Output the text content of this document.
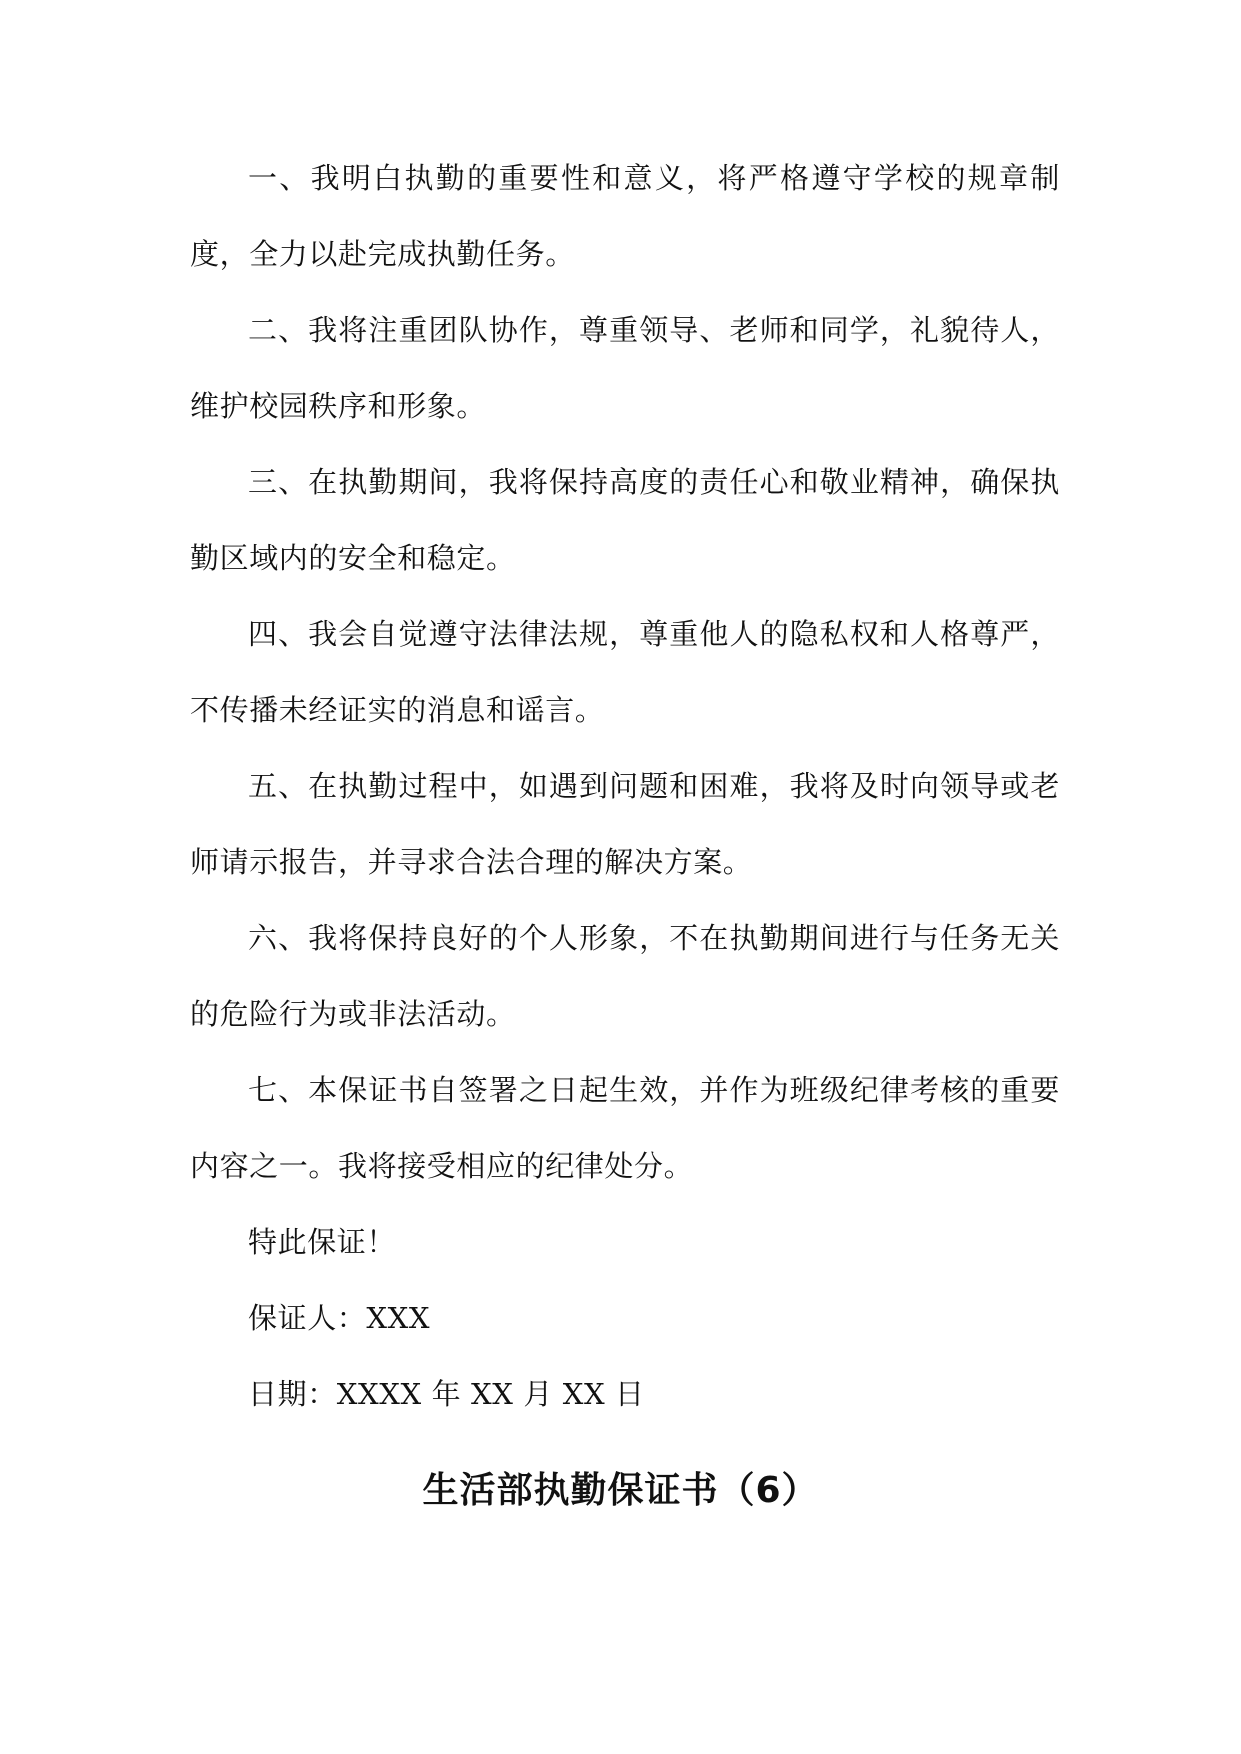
一、我明白执勤的重要性和意义，将严格遵守学校的规章制度，全力以赴完成执勤任务。

二、我将注重团队协作，尊重领导、老师和同学，礼貌待人，维护校园秩序和形象。

三、在执勤期间，我将保持高度的责任心和敬业精神，确保执勤区域内的安全和稳定。

四、我会自觉遵守法律法规，尊重他人的隐私权和人格尊严，不传播未经证实的消息和谣言。

五、在执勤过程中，如遇到问题和困难，我将及时向领导或老师请示报告，并寻求合法合理的解决方案。

六、我将保持良好的个人形象，不在执勤期间进行与任务无关的危险行为或非法活动。

七、本保证书自签署之日起生效，并作为班级纪律考核的重要内容之一。我将接受相应的纪律处分。

特此保证！

保证人：XXX

日期：XXXX 年 XX 月 XX 日

生活部执勤保证书（6）
